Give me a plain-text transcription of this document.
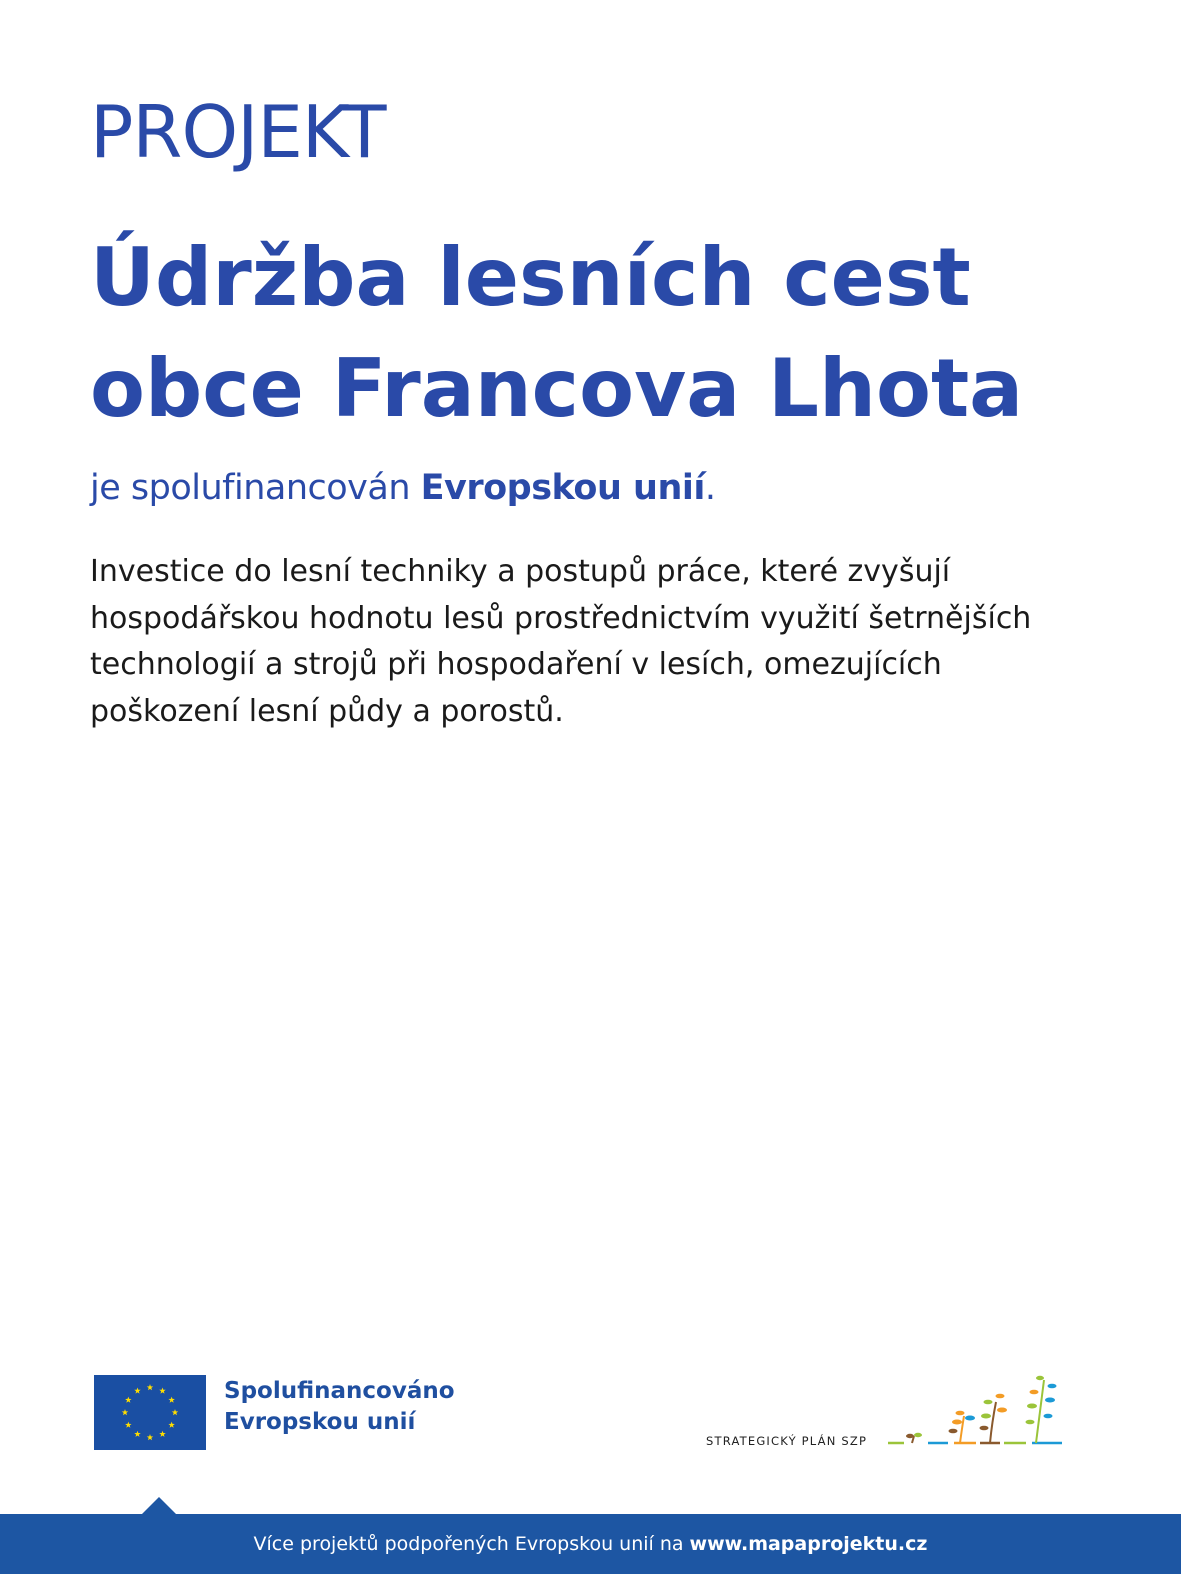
PROJEKT
Údržba lesních cest
obce Francova Lhota
je spolufinancován Evropskou unií.
Investice do lesní techniky a postupů práce, které zvyšují
hospodářskou hodnotu lesů prostřednictvím využití šetrnějších
technologií a strojů při hospodaření v lesích, omezujících
poškození lesní půdy a porostů.
Spolufinancováno
Evropskou unií
STRATEGICKÝ PLÁN SZP
Více projektů podpořených Evropskou unií na www.mapaprojektu.cz
